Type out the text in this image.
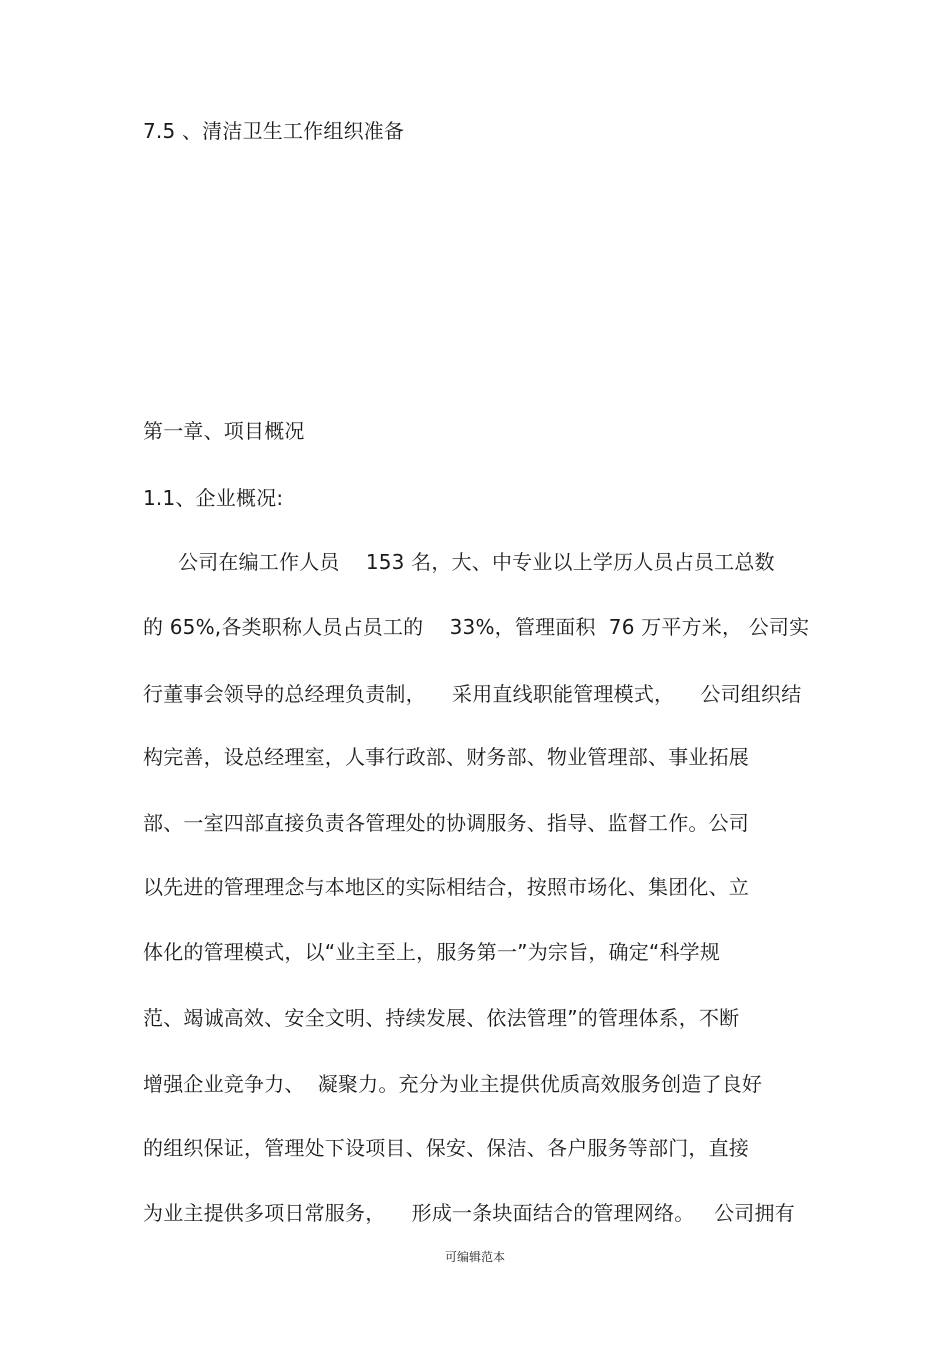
7.5 、清洁卫生工作组织准备
第一章、项目概况
1.1、企业概况:
公司在编工作人员    153 名，大、中专业以上学历人员占员工总数
的 65%,各类职称人员占员工的    33%，管理面积  76 万平方米， 公司实
行董事会领导的总经理负责制，    采用直线职能管理模式，    公司组织结
构完善，设总经理室，人事行政部、财务部、物业管理部、事业拓展
部、一室四部直接负责各管理处的协调服务、指导、监督工作。公司
以先进的管理理念与本地区的实际相结合，按照市场化、集团化、立
体化的管理模式，以“业主至上，服务第一”为宗旨，确定“科学规
范、竭诚高效、安全文明、持续发展、依法管理”的管理体系，不断
增强企业竞争力、  凝聚力。充分为业主提供优质高效服务创造了良好
的组织保证，管理处下设项目、保安、保洁、各户服务等部门，直接
为业主提供多项日常服务，    形成一条块面结合的管理网络。   公司拥有
可编辑范本
